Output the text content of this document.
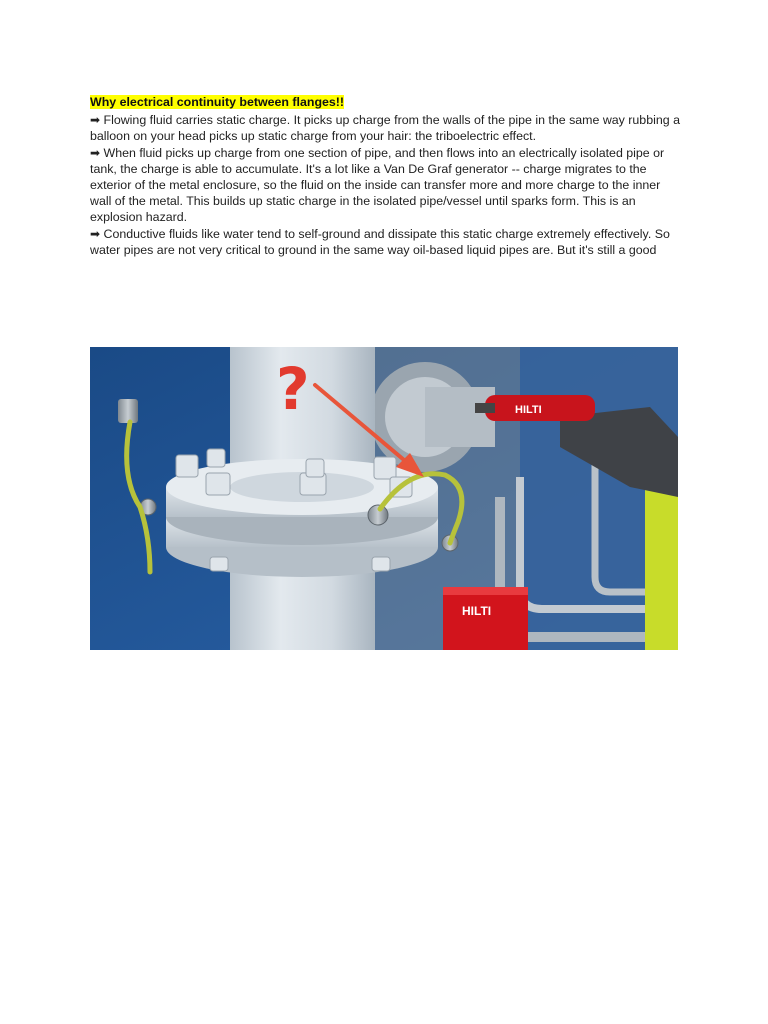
Why electrical continuity between flanges!!

➡ Flowing fluid carries static charge. It picks up charge from the walls of the pipe in the same way rubbing a balloon on your head picks up static charge from your hair: the triboelectric effect.

➡ When fluid picks up charge from one section of pipe, and then flows into an electrically isolated pipe or tank, the charge is able to accumulate. It's a lot like a Van De Graf generator -- charge migrates to the exterior of the metal enclosure, so the fluid on the inside can transfer more and more charge to the inner wall of the metal. This builds up static charge in the isolated pipe/vessel until sparks form. This is an explosion hazard.

➡ Conductive fluids like water tend to self-ground and dissipate this static charge extremely effectively. So water pipes are not very critical to ground in the same way oil-based liquid pipes are. But it's still a good

HILTI
HILTI
?
